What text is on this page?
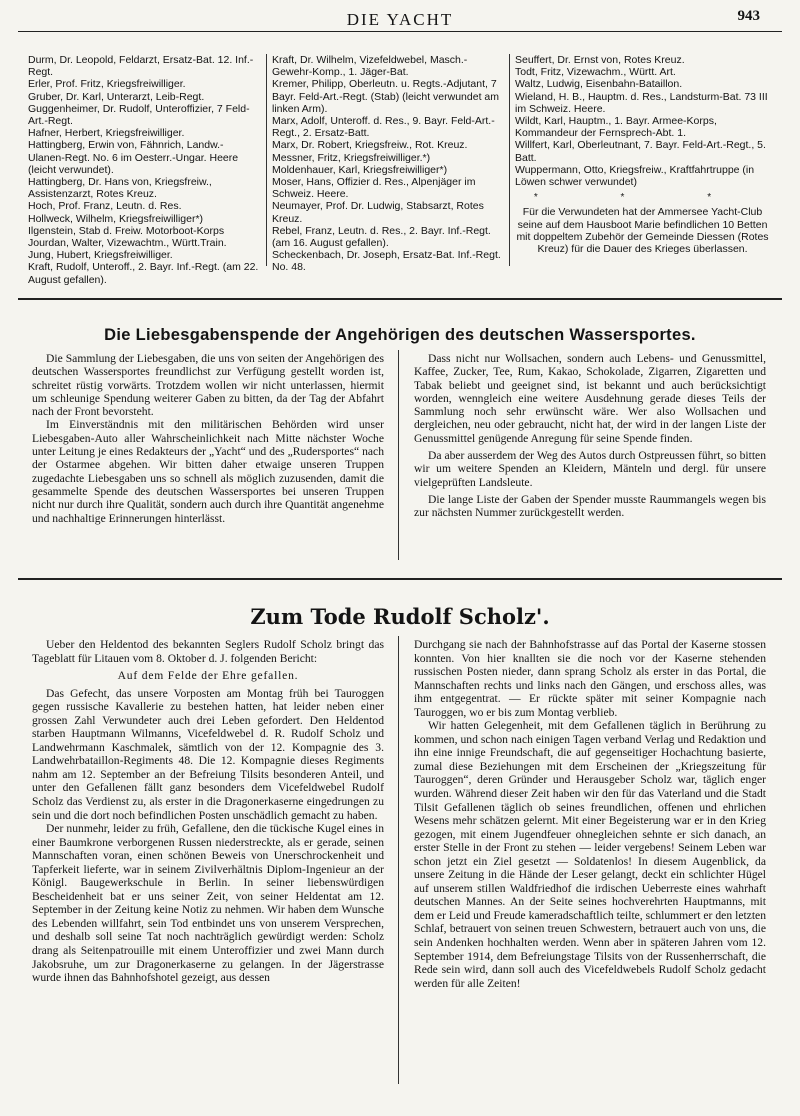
DIE YACHT	943
Durm, Dr. Leopold, Feldarzt, Ersatz-Bat. 12. Inf.-Regt.
Erler, Prof. Fritz, Kriegsfreiwilliger.
Gruber, Dr. Karl, Unterarzt, Leib-Regt.
Guggenheimer, Dr. Rudolf, Unteroffizier, 7 Feld-Art.-Regt.
Hafner, Herbert, Kriegsfreiwilliger.
Hattingberg, Erwin von, Fähnrich, Landw.-Ulanen-Regt. No. 6 im Oesterr.-Ungar. Heere (leicht verwundet).
Hattingberg, Dr. Hans von, Kriegsfreiw., Assistenzarzt, Rotes Kreuz.
Hoch, Prof. Franz, Leutn. d. Res.
Hollweck, Wilhelm, Kriegsfreiwilliger*)
Ilgenstein, Stab d. Freiw. Motorboot-Korps
Jourdan, Walter, Vizewachtm., Württ.Train.
Jung, Hubert, Kriegsfreiwilliger.
Kraft, Rudolf, Unteroff., 2. Bayr. Inf.-Regt. (am 22. August gefallen).
Kraft, Dr. Wilhelm, Vizefeldwebel, Masch.-Gewehr-Komp., 1. Jäger-Bat.
Kremer, Philipp, Oberleutn. u. Regts.-Adjutant, 7 Bayr. Feld-Art.-Regt. (Stab) (leicht verwundet am linken Arm).
Marx, Adolf, Unteroff. d. Res., 9. Bayr. Feld-Art.-Regt., 2. Ersatz-Batt.
Marx, Dr. Robert, Kriegsfreiw., Rot. Kreuz.
Messner, Fritz, Kriegsfreiwilliger.*)
Moldenhauer, Karl, Kriegsfreiwilliger*)
Moser, Hans, Offizier d. Res., Alpenjäger im Schweiz. Heere.
Neumayer, Prof. Dr. Ludwig, Stabsarzt, Rotes Kreuz.
Rebel, Franz, Leutn. d. Res., 2. Bayr. Inf.-Regt. (am 16. August gefallen).
Scheckenbach, Dr. Joseph, Ersatz-Bat. Inf.-Regt. No. 48.
Seuffert, Dr. Ernst von, Rotes Kreuz.
Todt, Fritz, Vizewachm., Württ. Art.
Waltz, Ludwig, Eisenbahn-Bataillon.
Wieland, H. B., Hauptm. d. Res., Landsturm-Bat. 73 III im Schweiz. Heere.
Wildt, Karl, Hauptm., 1. Bayr. Armee-Korps, Kommandeur der Fernsprech-Abt. 1.
Willfert, Karl, Oberleutnant, 7. Bayr. Feld-Art.-Regt., 5. Batt.
Wuppermann, Otto, Kriegsfreiw., Kraftfahrtruppe (in Löwen schwer verwundet)
* * *
Für die Verwundeten hat der Ammersee Yacht-Club seine auf dem Hausboot Marie befindlichen 10 Betten mit doppeltem Zubehör der Gemeinde Diessen (Rotes Kreuz) für die Dauer des Krieges überlassen.
Die Liebesgabenspende der Angehörigen des deutschen Wassersportes.

Die Sammlung der Liebesgaben, die uns von seiten der Angehörigen des deutschen Wassersportes freundlichst zur Verfügung gestellt worden ist, schreitet rüstig vorwärts. Trotzdem wollen wir nicht unterlassen, hiermit um schleunige Spendung weiterer Gaben zu bitten, da der Tag der Abfahrt nach der Front bevorsteht.

Im Einverständnis mit den militärischen Behörden wird unser Liebesgaben-Auto aller Wahrscheinlichkeit nach Mitte nächster Woche unter Leitung je eines Redakteurs der „Yacht“ und des „Rudersportes“ nach der Ostarmee abgehen. Wir bitten daher etwaige unseren Truppen zugedachte Liebesgaben uns so schnell als möglich zuzusenden, damit die gesammelte Spende des deutschen Wassersportes bei unseren Truppen nicht nur durch ihre Qualität, sondern auch durch ihre Quantität angenehme und nachhaltige Erinnerungen hinterlässt.

Dass nicht nur Wollsachen, sondern auch Lebens- und Genussmittel, Kaffee, Zucker, Tee, Rum, Kakao, Schokolade, Zigarren, Zigaretten und Tabak beliebt und geeignet sind, ist bekannt und auch berücksichtigt worden, wenngleich eine weitere Ausdehnung gerade dieses Teils der Sammlung noch sehr erwünscht wäre. Wer also Wollsachen und dergleichen, neu oder gebraucht, nicht hat, der wird in der langen Liste der Genussmittel genügende Anregung für seine Spende finden.

Da aber ausserdem der Weg des Autos durch Ostpreussen führt, so bitten wir um weitere Spenden an Kleidern, Mänteln und dergl. für unsere vielgeprüften Landsleute.

Die lange Liste der Gaben der Spender musste Raummangels wegen bis zur nächsten Nummer zurückgestellt werden.

Zum Tode Rudolf Scholz'.

Ueber den Heldentod des bekannten Seglers Rudolf Scholz bringt das Tageblatt für Litauen vom 8. Oktober d. J. folgenden Bericht:

Auf dem Felde der Ehre gefallen.

Das Gefecht, das unsere Vorposten am Montag früh bei Tauroggen gegen russische Kavallerie zu bestehen hatten, hat leider neben einer grossen Zahl Verwundeter auch drei Leben gefordert. Den Heldentod starben Hauptmann Wilmanns, Vicefeldwebel d. R. Rudolf Scholz und Landwehrmann Kaschmalek, sämtlich von der 12. Kompagnie des 3. Landwehrbataillon-Regiments 48. Die 12. Kompagnie dieses Regiments nahm am 12. September an der Befreiung Tilsits besonderen Anteil, und unter den Gefallenen fällt ganz besonders dem Vicefeldwebel Rudolf Scholz das Verdienst zu, als erster in die Dragonerkaserne eingedrungen zu sein und die dort noch befindlichen Posten unschädlich gemacht zu haben.

Der nunmehr, leider zu früh, Gefallene, den die tückische Kugel eines in einer Baumkrone verborgenen Russen niederstreckte, als er gerade, seinen Mannschaften voran, einen schönen Beweis von Unerschrockenheit und Tapferkeit lieferte, war in seinem Zivilverhältnis Diplom-Ingenieur an der Königl. Baugewerkschule in Berlin. In seiner liebenswürdigen Bescheidenheit bat er uns seiner Zeit, von seiner Heldentat am 12. September in der Zeitung keine Notiz zu nehmen. Wir haben dem Wunsche des Lebenden willfahrt, sein Tod entbindet uns von unserem Versprechen, und deshalb soll seine Tat noch nachträglich gewürdigt werden: Scholz drang als Seitenpatrouille mit einem Unteroffizier und zwei Mann durch Jakobsruhe, um zur Dragonerkaserne zu gelangen. In der Jägerstrasse wurde ihnen das Bahnhofshotel gezeigt, aus dessen

Durchgang sie nach der Bahnhofstrasse auf das Portal der Kaserne stossen konnten. Von hier knallten sie die noch vor der Kaserne stehenden russischen Posten nieder, dann sprang Scholz als erster in das Portal, die Mannschaften rechts und links nach den Gängen, und erschoss alles, was ihm entgegentrat. — Er rückte später mit seiner Kompagnie nach Tauroggen, wo er bis zum Montag verblieb.

Wir hatten Gelegenheit, mit dem Gefallenen täglich in Berührung zu kommen, und schon nach einigen Tagen verband Verlag und Redaktion und ihn eine innige Freundschaft, die auf gegenseitiger Hochachtung basierte, zumal diese Beziehungen mit dem Erscheinen der „Kriegszeitung für Tauroggen“, deren Gründer und Herausgeber Scholz war, täglich enger wurden. Während dieser Zeit haben wir den für das Vaterland und die Stadt Tilsit Gefallenen täglich ob seines freundlichen, offenen und ehrlichen Wesens mehr schätzen gelernt. Mit einer Begeisterung war er in den Krieg gezogen, mit einem Jugendfeuer ohnegleichen sehnte er sich danach, an erster Stelle in der Front zu stehen — leider vergebens! Seinem Leben war schon jetzt ein Ziel gesetzt — Soldatenlos! In diesem Augenblick, da unsere Zeitung in die Hände der Leser gelangt, deckt ein schlichter Hügel auf unserem stillen Waldfriedhof die irdischen Ueberreste eines wahrhaft deutschen Mannes. An der Seite seines hochverehrten Hauptmanns, mit dem er Leid und Freude kameradschaftlich teilte, schlummert er den letzten Schlaf, betrauert von seinen treuen Schwestern, betrauert auch von uns, die sein Andenken hochhalten werden. Wenn aber in späteren Jahren vom 12. September 1914, dem Befreiungstage Tilsits von der Russenherrschaft, die Rede sein wird, dann soll auch des Vicefeldwebels Rudolf Scholz gedacht werden für alle Zeiten!
